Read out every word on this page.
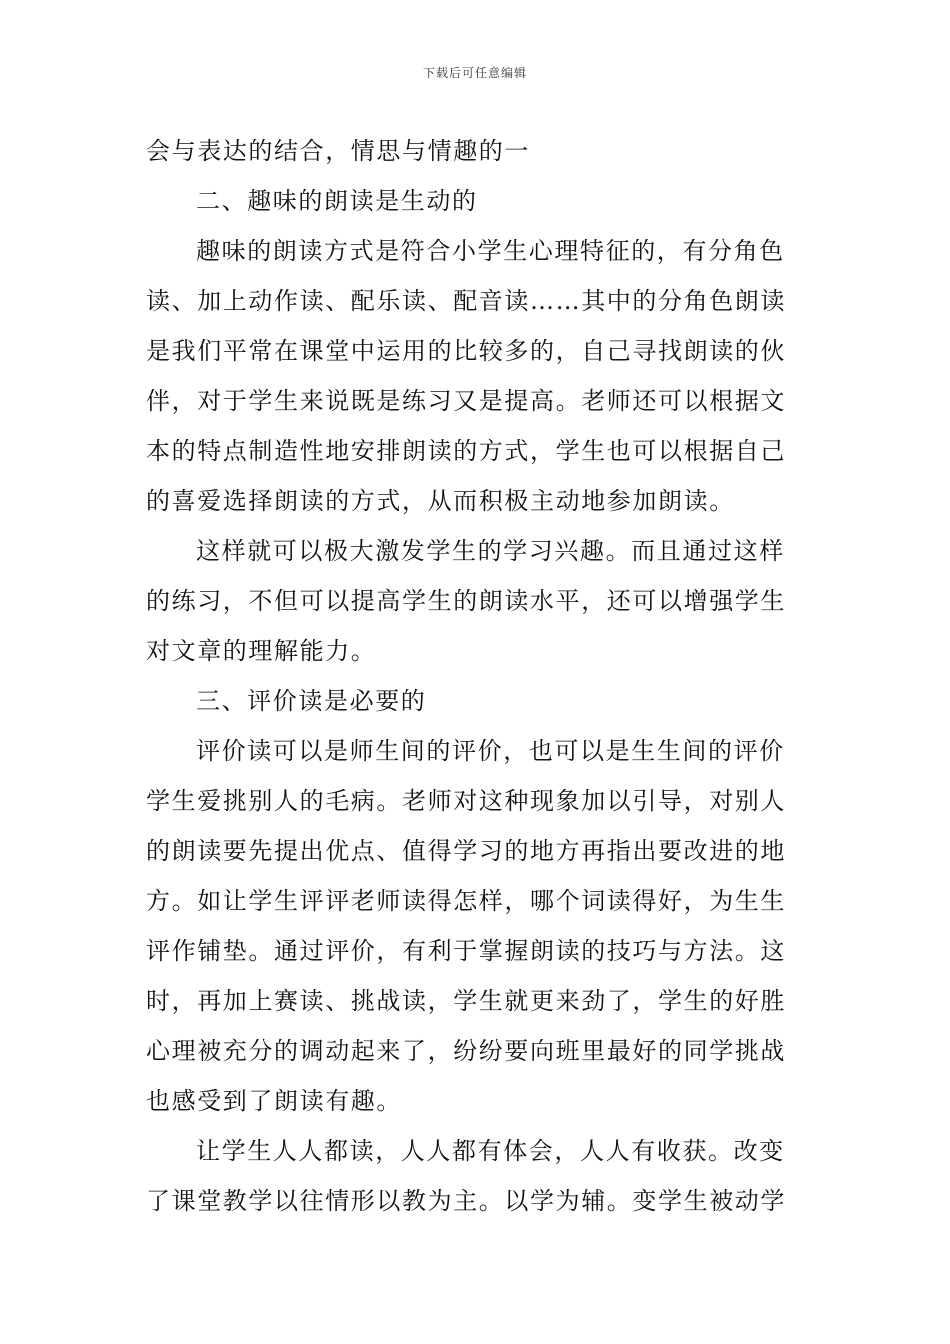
下载后可任意编辑
会与表达的结合，情思与情趣的一
二、趣味的朗读是生动的
趣味的朗读方式是符合小学生心理特征的，有分角色
读、加上动作读、配乐读、配音读……其中的分角色朗读
是我们平常在课堂中运用的比较多的，自己寻找朗读的伙
伴，对于学生来说既是练习又是提高。老师还可以根据文
本的特点制造性地安排朗读的方式，学生也可以根据自己
的喜爱选择朗读的方式，从而积极主动地参加朗读。
这样就可以极大激发学生的学习兴趣。而且通过这样
的练习，不但可以提高学生的朗读水平，还可以增强学生
对文章的理解能力。
三、评价读是必要的
评价读可以是师生间的评价，也可以是生生间的评价
学生爱挑别人的毛病。老师对这种现象加以引导，对别人
的朗读要先提出优点、值得学习的地方再指出要改进的地
方。如让学生评评老师读得怎样，哪个词读得好，为生生
评作铺垫。通过评价，有利于掌握朗读的技巧与方法。这
时，再加上赛读、挑战读，学生就更来劲了，学生的好胜
心理被充分的调动起来了，纷纷要向班里最好的同学挑战
也感受到了朗读有趣。
让学生人人都读，人人都有体会，人人有收获。改变
了课堂教学以往情形以教为主。以学为辅。变学生被动学
